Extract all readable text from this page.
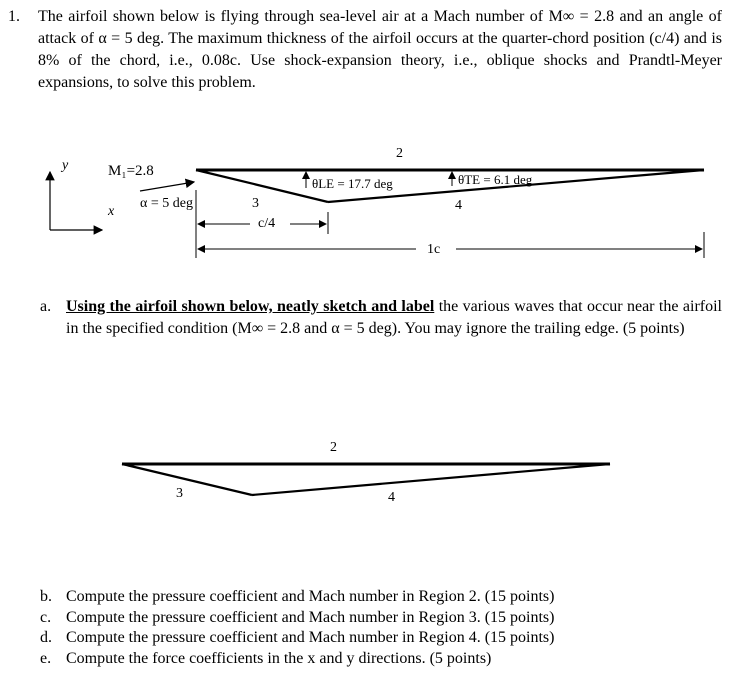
1. The airfoil shown below is flying through sea-level air at a Mach number of M∞ = 2.8 and an angle of attack of α = 5 deg. The maximum thickness of the airfoil occurs at the quarter-chord position (c/4) and is 8% of the chord, i.e., 0.08c. Use shock-expansion theory, i.e., oblique shocks and Prandtl-Meyer expansions, to solve this problem.
y
x
M₁=2.8
α = 5 deg
2
3	4
θLE = 17.7 deg	θTE = 6.1 deg
c/4
1c
a. Using the airfoil shown below, neatly sketch and label the various waves that occur near the airfoil in the specified condition (M∞ = 2.8 and α = 5 deg). You may ignore the trailing edge. (5 points)
2
3	4
b. Compute the pressure coefficient and Mach number in Region 2. (15 points)
c. Compute the pressure coefficient and Mach number in Region 3. (15 points)
d. Compute the pressure coefficient and Mach number in Region 4. (15 points)
e. Compute the force coefficients in the x and y directions. (5 points)
